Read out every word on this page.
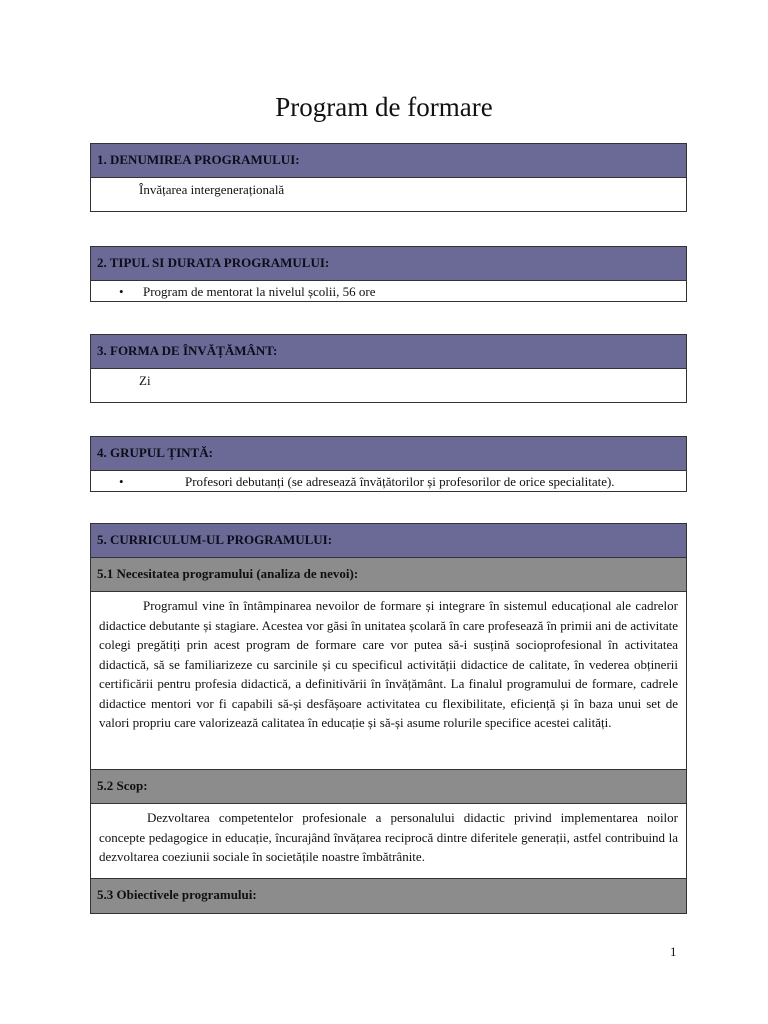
Program de formare
1. DENUMIREA PROGRAMULUI:
Învățarea intergenerațională
2. TIPUL SI DURATA PROGRAMULUI:
• Program de mentorat la nivelul școlii, 56 ore
3. FORMA DE ÎNVĂȚĂMÂNT:
Zi
4. GRUPUL ȚINTĂ:
•	Profesori debutanți (se adresează învățătorilor și profesorilor de orice specialitate).
5. CURRICULUM-UL PROGRAMULUI:
5.1 Necesitatea programului (analiza de nevoi):
Programul vine în întâmpinarea nevoilor de formare și integrare în sistemul educațional ale cadrelor didactice debutante și stagiare. Acestea vor găsi în unitatea școlară în care profesează în primii ani de activitate colegi pregătiți prin acest program de formare care vor putea să-i susțină socioprofesional în activitatea didactică, să se familiarizeze cu sarcinile și cu specificul activității didactice de calitate, în vederea obținerii certificării pentru profesia didactică, a definitivării în învățământ. La finalul programului de formare, cadrele didactice mentori vor fi capabili să-și desfășoare activitatea cu flexibilitate, eficiență și în baza unui set de valori propriu care valorizează calitatea în educație și să-și asume rolurile specifice acestei calități.
5.2 Scop:
Dezvoltarea competentelor profesionale a personalului didactic privind implementarea noilor concepte pedagogice in educație, încurajând învățarea reciprocă dintre diferitele generații, astfel contribuind la dezvoltarea coeziunii sociale în societățile noastre îmbătrânite.
5.3 Obiectivele programului:
1
